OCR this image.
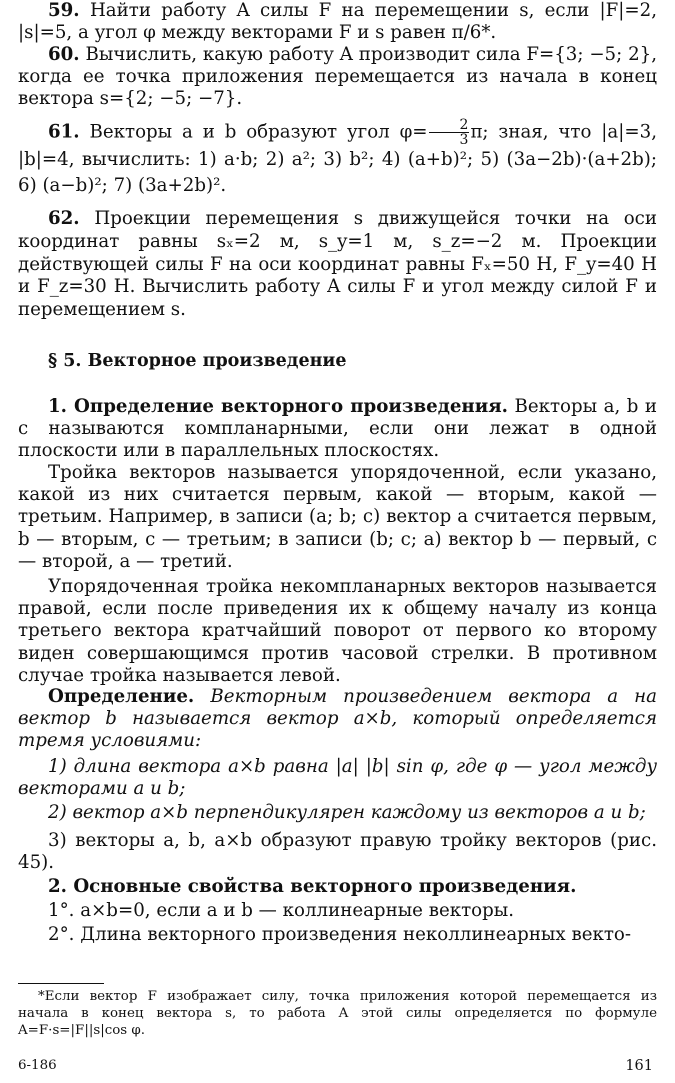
59. Найти работу A силы F на перемещении s, если |F|=2, |s|=5, а угол φ между векторами F и s равен π/6*.

60. Вычислить, какую работу A производит сила F={3; −5; 2}, когда ее точка приложения перемещается из начала в конец вектора s={2; −5; −7}.

61. Векторы a и b образуют угол $\varphi= \frac{2}{3} \pi$; зная, что |a|=3, |b|=4, вычислить: 1) a·b; 2) a²; 3) b²; 4) (a+b)²; 5) (3a−2b)·(a+2b); 6) (a−b)²; 7) (3a+2b)².

62. Проекции перемещения s движущейся точки на оси координат равны sₓ=2 м, s_y=1 м, s_z=−2 м. Проекции действующей силы F на оси координат равны Fₓ=50 Н, F_y=40 Н и F_z=30 Н. Вычислить работу A силы F и угол между силой F и перемещением s.

§ 5. Векторное произведение

1. Определение векторного произведения. Векторы a, b и c называются компланарными, если они лежат в одной плоскости или в параллельных плоскостях.

Тройка векторов называется упорядоченной, если указано, какой из них считается первым, какой — вторым, какой — третьим. Например, в записи (a; b; c) вектор a считается первым, b — вторым, c — третьим; в записи (b; c; a) вектор b — первый, c — второй, a — третий.

Упорядоченная тройка некомпланарных векторов называется правой, если после приведения их к общему началу из конца третьего вектора кратчайший поворот от первого ко второму виден совершающимся против часовой стрелки. В противном случае тройка называется левой.

Определение. Векторным произведением вектора a на вектор b называется вектор a×b, который определяется тремя условиями:

1) длина вектора a×b равна |a| |b| sin φ, где φ — угол между векторами a и b;

2) вектор a×b перпендикулярен каждому из векторов a и b;

3) векторы a, b, a×b образуют правую тройку векторов (рис. 45).

2. Основные свойства векторного произведения.

1°. a×b=0, если a и b — коллинеарные векторы.

2°. Длина векторного произведения неколлинеарных векто-

*Если вектор F изображает силу, точка приложения которой перемещается из начала в конец вектора s, то работа A этой силы определяется по формуле A=F·s=|F||s|cos φ.

6-186	161
